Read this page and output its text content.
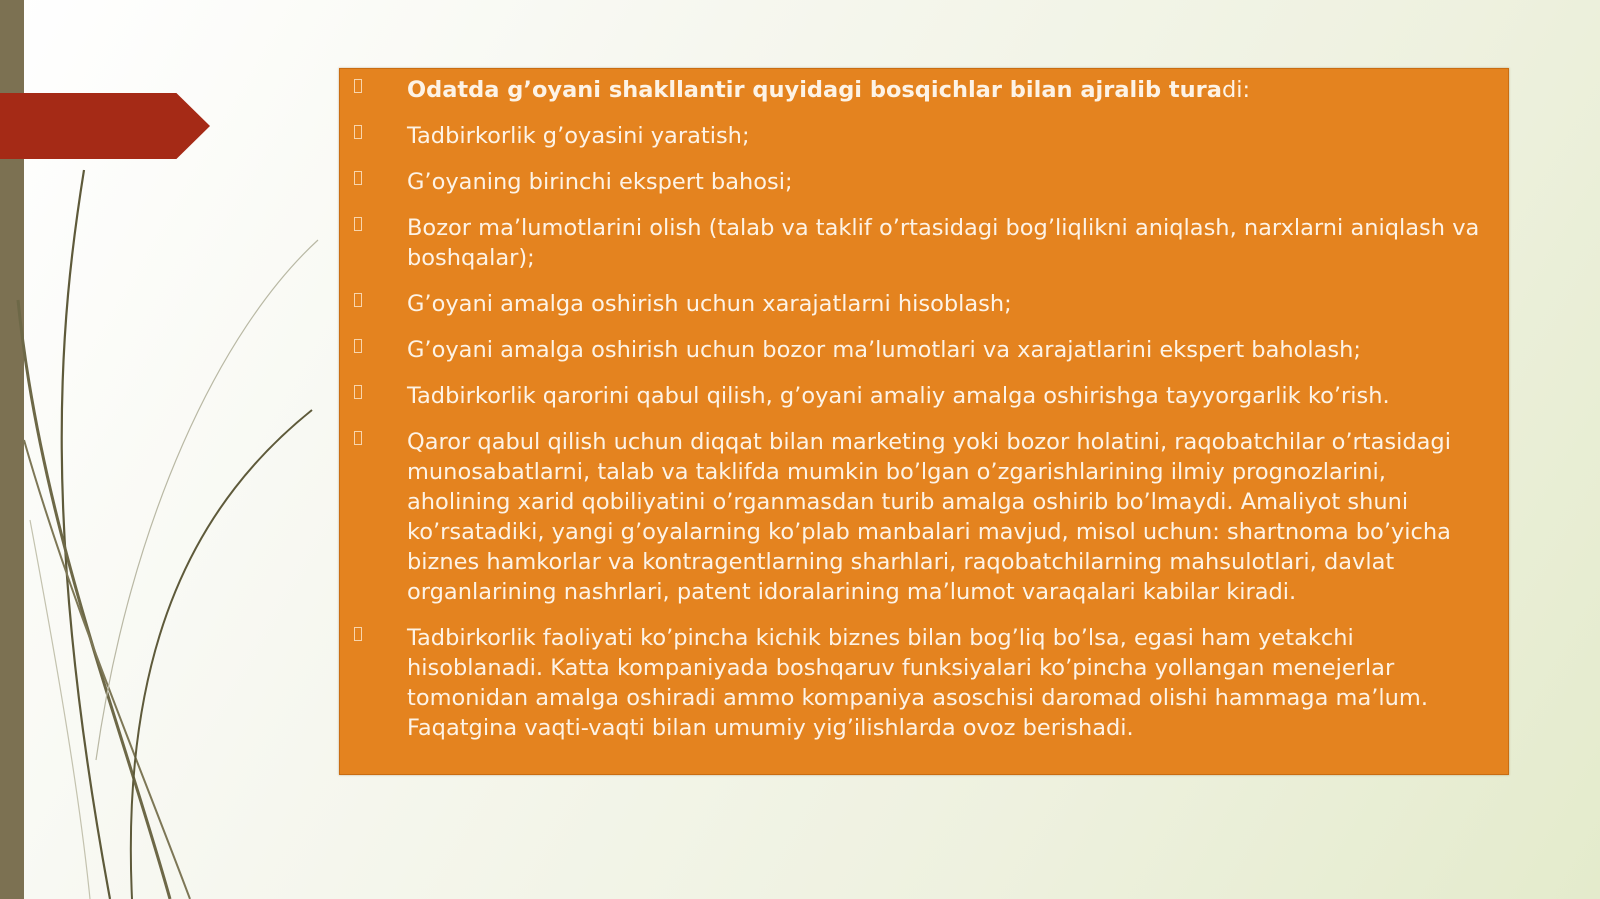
Odatda g’oyani shakllantir quyidagi bosqichlar bilan ajralib turadi:
Tadbirkorlik g’oyasini yaratish;
G’oyaning birinchi ekspert bahosi;
Bozor ma’lumotlarini olish (talab va taklif o’rtasidagi bog’liqlikni aniqlash, narxlarni aniqlash va boshqalar);
G’oyani amalga oshirish uchun xarajatlarni hisoblash;
G’oyani amalga oshirish uchun bozor ma’lumotlari va xarajatlarini ekspert baholash;
Tadbirkorlik qarorini qabul qilish, g’oyani amaliy amalga oshirishga tayyorgarlik ko’rish.
Qaror qabul qilish uchun diqqat bilan marketing yoki bozor holatini, raqobatchilar o’rtasidagi munosabatlarni, talab va taklifda mumkin bo’lgan o’zgarishlarining ilmiy prognozlarini, aholining xarid qobiliyatini o’rganmasdan turib amalga oshirib bo’lmaydi. Amaliyot shuni ko’rsatadiki, yangi g’oyalarning ko’plab manbalari mavjud, misol uchun: shartnoma bo’yicha biznes hamkorlar va kontragentlarning sharhlari, raqobatchilarning mahsulotlari, davlat organlarining nashrlari, patent idoralarining ma’lumot varaqalari kabilar kiradi.
Tadbirkorlik faoliyati ko’pincha kichik biznes bilan bog’liq bo’lsa, egasi ham yetakchi hisoblanadi. Katta kompaniyada boshqaruv funksiyalari ko’pincha yollangan menejerlar tomonidan amalga oshiradi ammo kompaniya asoschisi daromad olishi hammaga ma’lum. Faqatgina vaqti-vaqti bilan umumiy yig’ilishlarda ovoz berishadi.
